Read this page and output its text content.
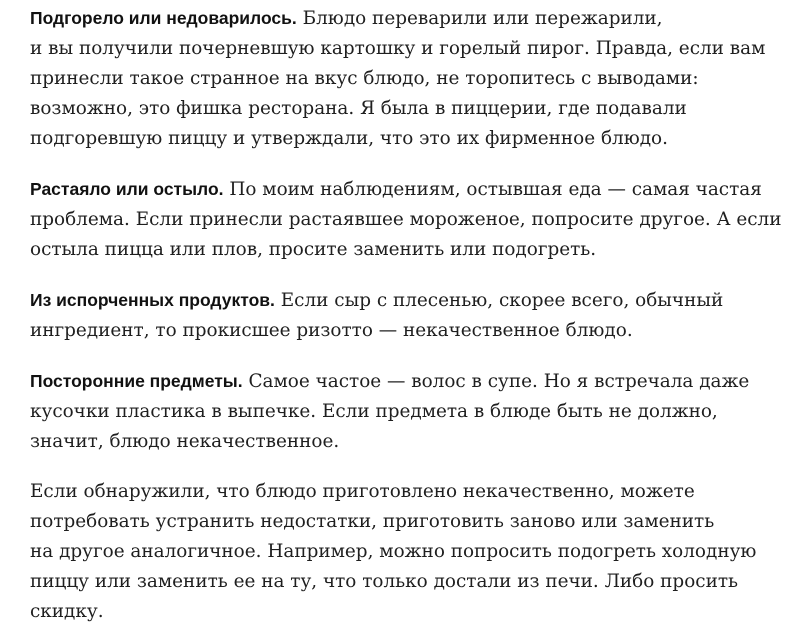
Подгорело или недоварилось. Блюдо переварили или пережарили,
и вы получили почерневшую картошку и горелый пирог. Правда, если вам
принесли такое странное на вкус блюдо, не торопитесь с выводами:
возможно, это фишка ресторана. Я была в пиццерии, где подавали
подгоревшую пиццу и утверждали, что это их фирменное блюдо.

Растаяло или остыло. По моим наблюдениям, остывшая еда — самая частая
проблема. Если принесли растаявшее мороженое, попросите другое. А если
остыла пицца или плов, просите заменить или подогреть.

Из испорченных продуктов. Если сыр с плесенью, скорее всего, обычный
ингредиент, то прокисшее ризотто — некачественное блюдо.

Посторонние предметы. Самое частое — волос в супе. Но я встречала даже
кусочки пластика в выпечке. Если предмета в блюде быть не должно,
значит, блюдо некачественное.

Если обнаружили, что блюдо приготовлено некачественно, можете
потребовать устранить недостатки, приготовить заново или заменить
на другое аналогичное. Например, можно попросить подогреть холодную
пиццу или заменить ее на ту, что только достали из печи. Либо просить
скидку.
